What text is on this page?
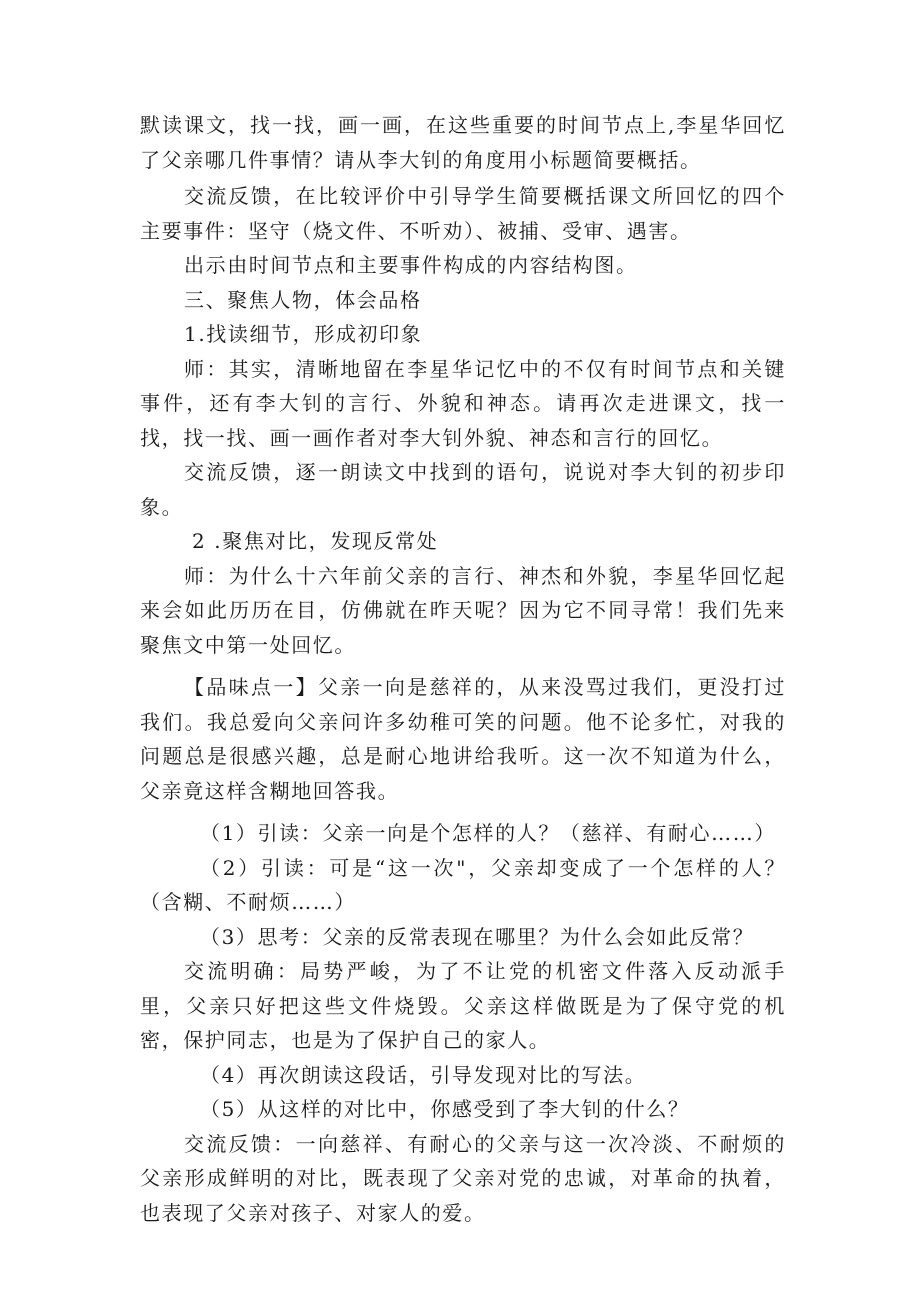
默读课文，找一找，画一画，在这些重要的时间节点上,李星华回忆了父亲哪几件事情？请从李大钊的角度用小标题简要概括。

交流反馈，在比较评价中引导学生简要概括课文所回忆的四个主要事件：坚守（烧文件、不听劝）、被捕、受审、遇害。

出示由时间节点和主要事件构成的内容结构图。

三、聚焦人物，体会品格

1.找读细节，形成初印象

师：其实，清晰地留在李星华记忆中的不仅有时间节点和关键事件，还有李大钊的言行、外貌和神态。请再次走进课文，找一找，找一找、画一画作者对李大钊外貌、神态和言行的回忆。

交流反馈，逐一朗读文中找到的语句，说说对李大钊的初步印象。

2 .聚焦对比，发现反常处

师：为什么十六年前父亲的言行、神杰和外貌，李星华回忆起来会如此历历在目，仿佛就在昨天呢？因为它不同寻常！我们先来聚焦文中第一处回忆。

【品味点一】父亲一向是慈祥的，从来没骂过我们，更没打过我们。我总爱向父亲问许多幼稚可笑的问题。他不论多忙，对我的问题总是很感兴趣，总是耐心地讲给我听。这一次不知道为什么，父亲竟这样含糊地回答我。

（1）引读：父亲一向是个怎样的人？（慈祥、有耐心……）

（2）引读：可是“这一次"，父亲却变成了一个怎样的人？（含糊、不耐烦……）

（3）思考：父亲的反常表现在哪里？为什么会如此反常？

交流明确：局势严峻，为了不让党的机密文件落入反动派手里，父亲只好把这些文件烧毁。父亲这样做既是为了保守党的机密，保护同志，也是为了保护自己的家人。

（4）再次朗读这段话，引导发现对比的写法。

（5）从这样的对比中，你感受到了李大钊的什么？

交流反馈：一向慈祥、有耐心的父亲与这一次冷淡、不耐烦的父亲形成鲜明的对比，既表现了父亲对党的忠诚，对革命的执着，也表现了父亲对孩子、对家人的爱。
